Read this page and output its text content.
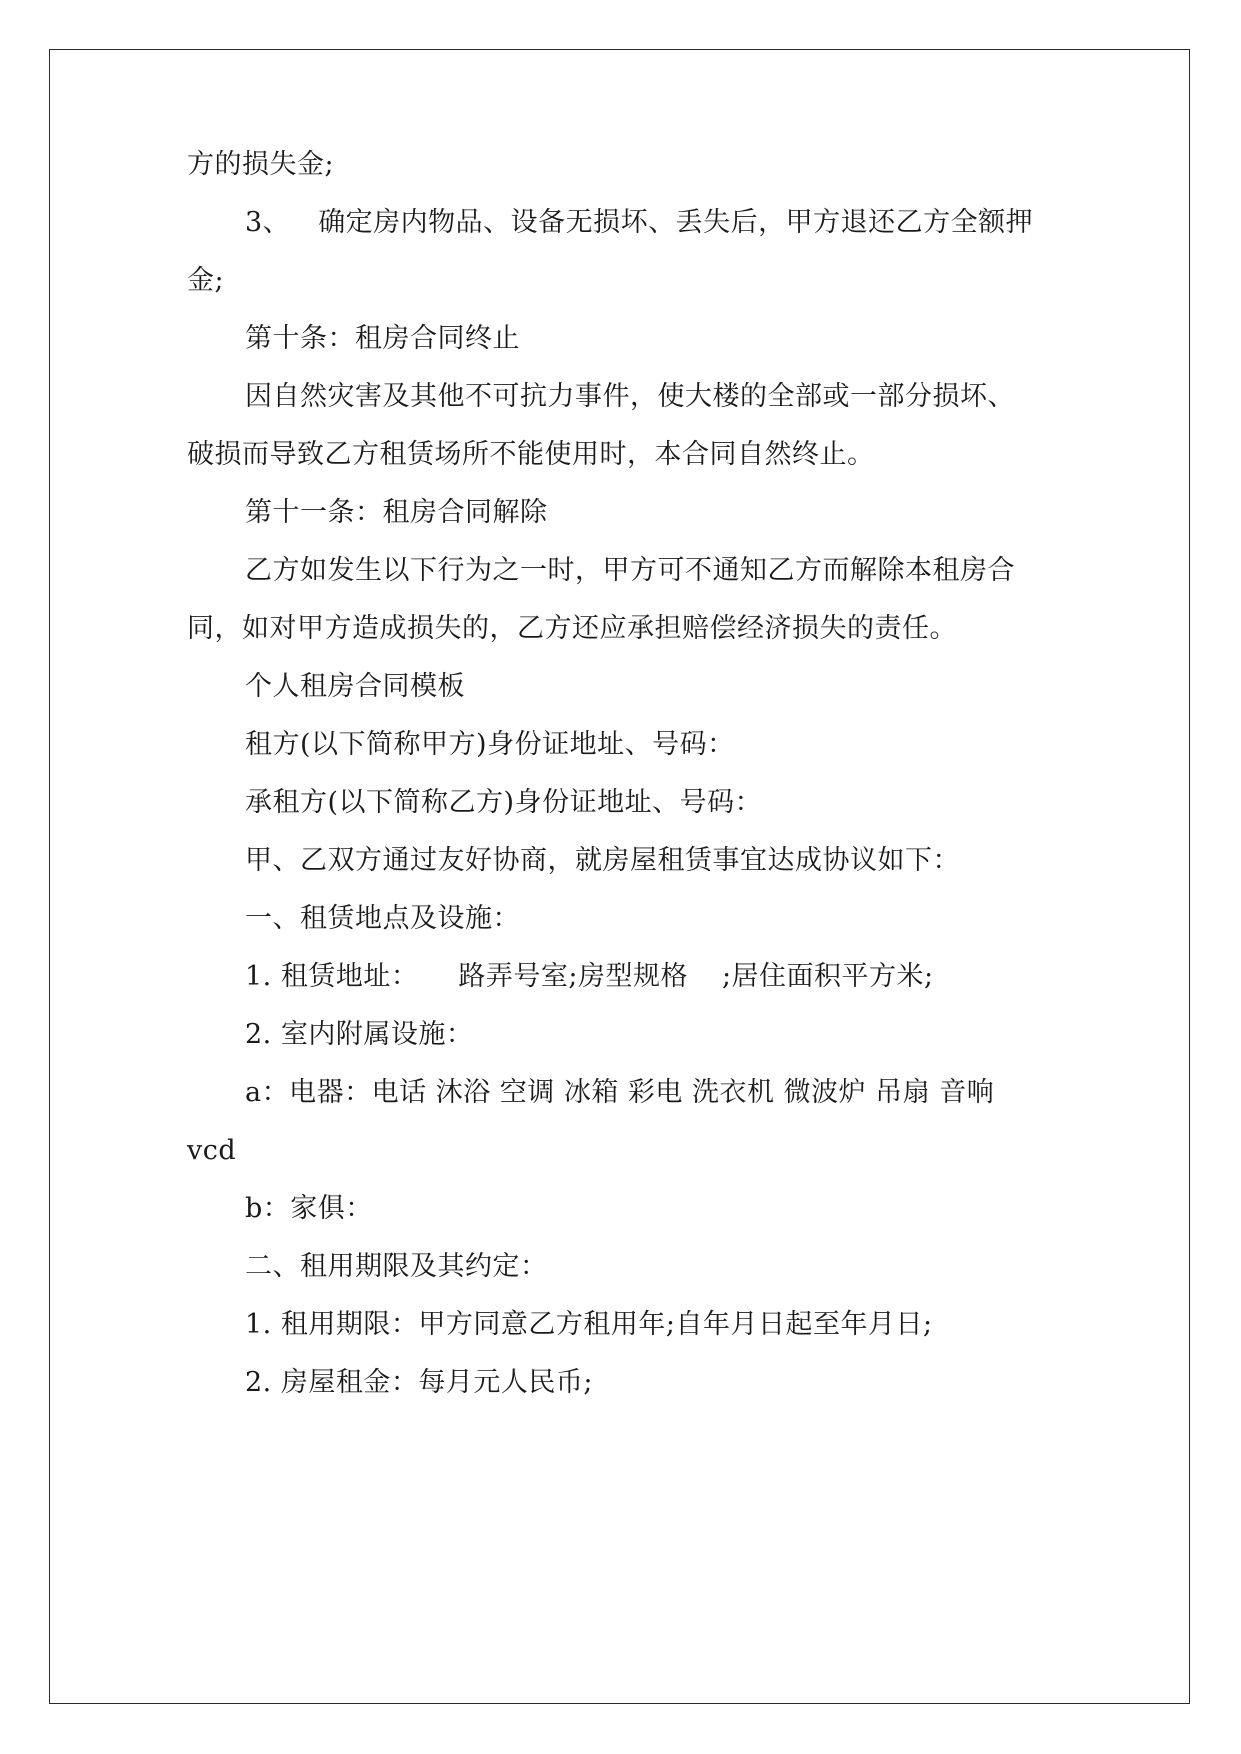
方的损失金;
3、 确定房内物品、设备无损坏、丢失后，甲方退还乙方全额押
金;
第十条：租房合同终止
因自然灾害及其他不可抗力事件，使大楼的全部或一部分损坏、
破损而导致乙方租赁场所不能使用时，本合同自然终止。
第十一条：租房合同解除
乙方如发生以下行为之一时，甲方可不通知乙方而解除本租房合
同，如对甲方造成损失的，乙方还应承担赔偿经济损失的责任。
个人租房合同模板
租方(以下简称甲方)身份证地址、号码：
承租方(以下简称乙方)身份证地址、号码：
甲、乙双方通过友好协商，就房屋租赁事宜达成协议如下：
一、租赁地点及设施：
1. 租赁地址： 路弄号室;房型规格 ;居住面积平方米;
2. 室内附属设施：
a：电器：电话 沐浴 空调 冰箱 彩电 洗衣机 微波炉 吊扇 音响
vcd
b：家俱：
二、租用期限及其约定：
1. 租用期限：甲方同意乙方租用年;自年月日起至年月日;
2. 房屋租金：每月元人民币;
